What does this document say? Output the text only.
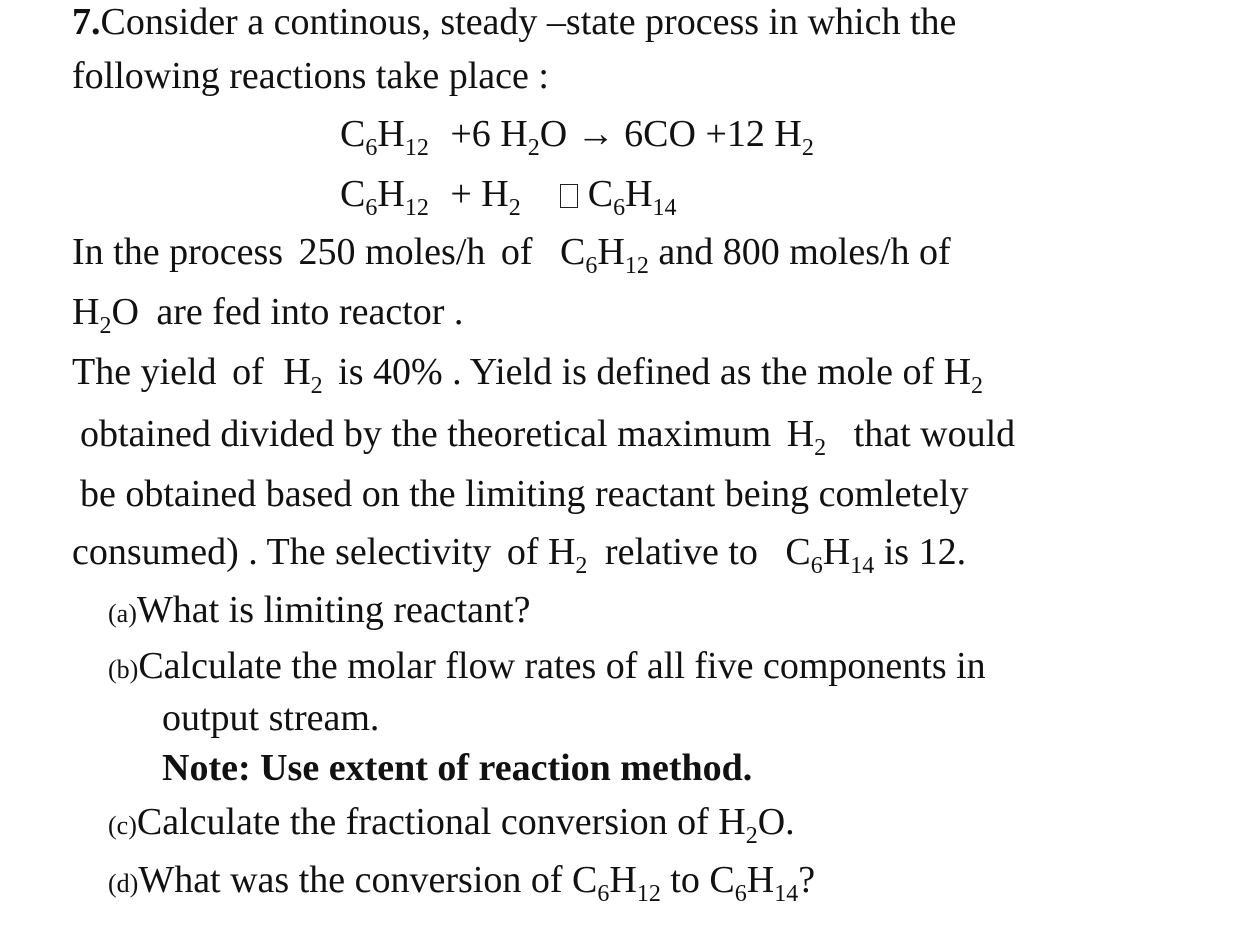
7.Consider a continous, steady –state process in which the
following reactions take place :
$C_6H_{12} +6$ $H_2O \to 6CO +12$ $H_2$
$C_6H_{12} + H_2$ $C_6H_{14}$
In the process 250 moles/h of $C_6H_{12}$ and 800 moles/h of
$H_2O$ are fed into reactor .
The yield of $H_2$ is 40% . Yield is defined as the mole of $H_2$
obtained divided by the theoretical maximum $H_2$ that would
be obtained based on the limiting reactant being comletely
consumed) . The selectivity of $H_2$ relative to $C_6H_{14}$ is 12.
(a)What is limiting reactant?
(b)Calculate the molar flow rates of all five components in
output stream.
Note: Use extent of reaction method.
(c)Calculate the fractional conversion of $H_2O$.
(d)What was the conversion of $C_6H_{12}$ to $C_6H_{14}$?
